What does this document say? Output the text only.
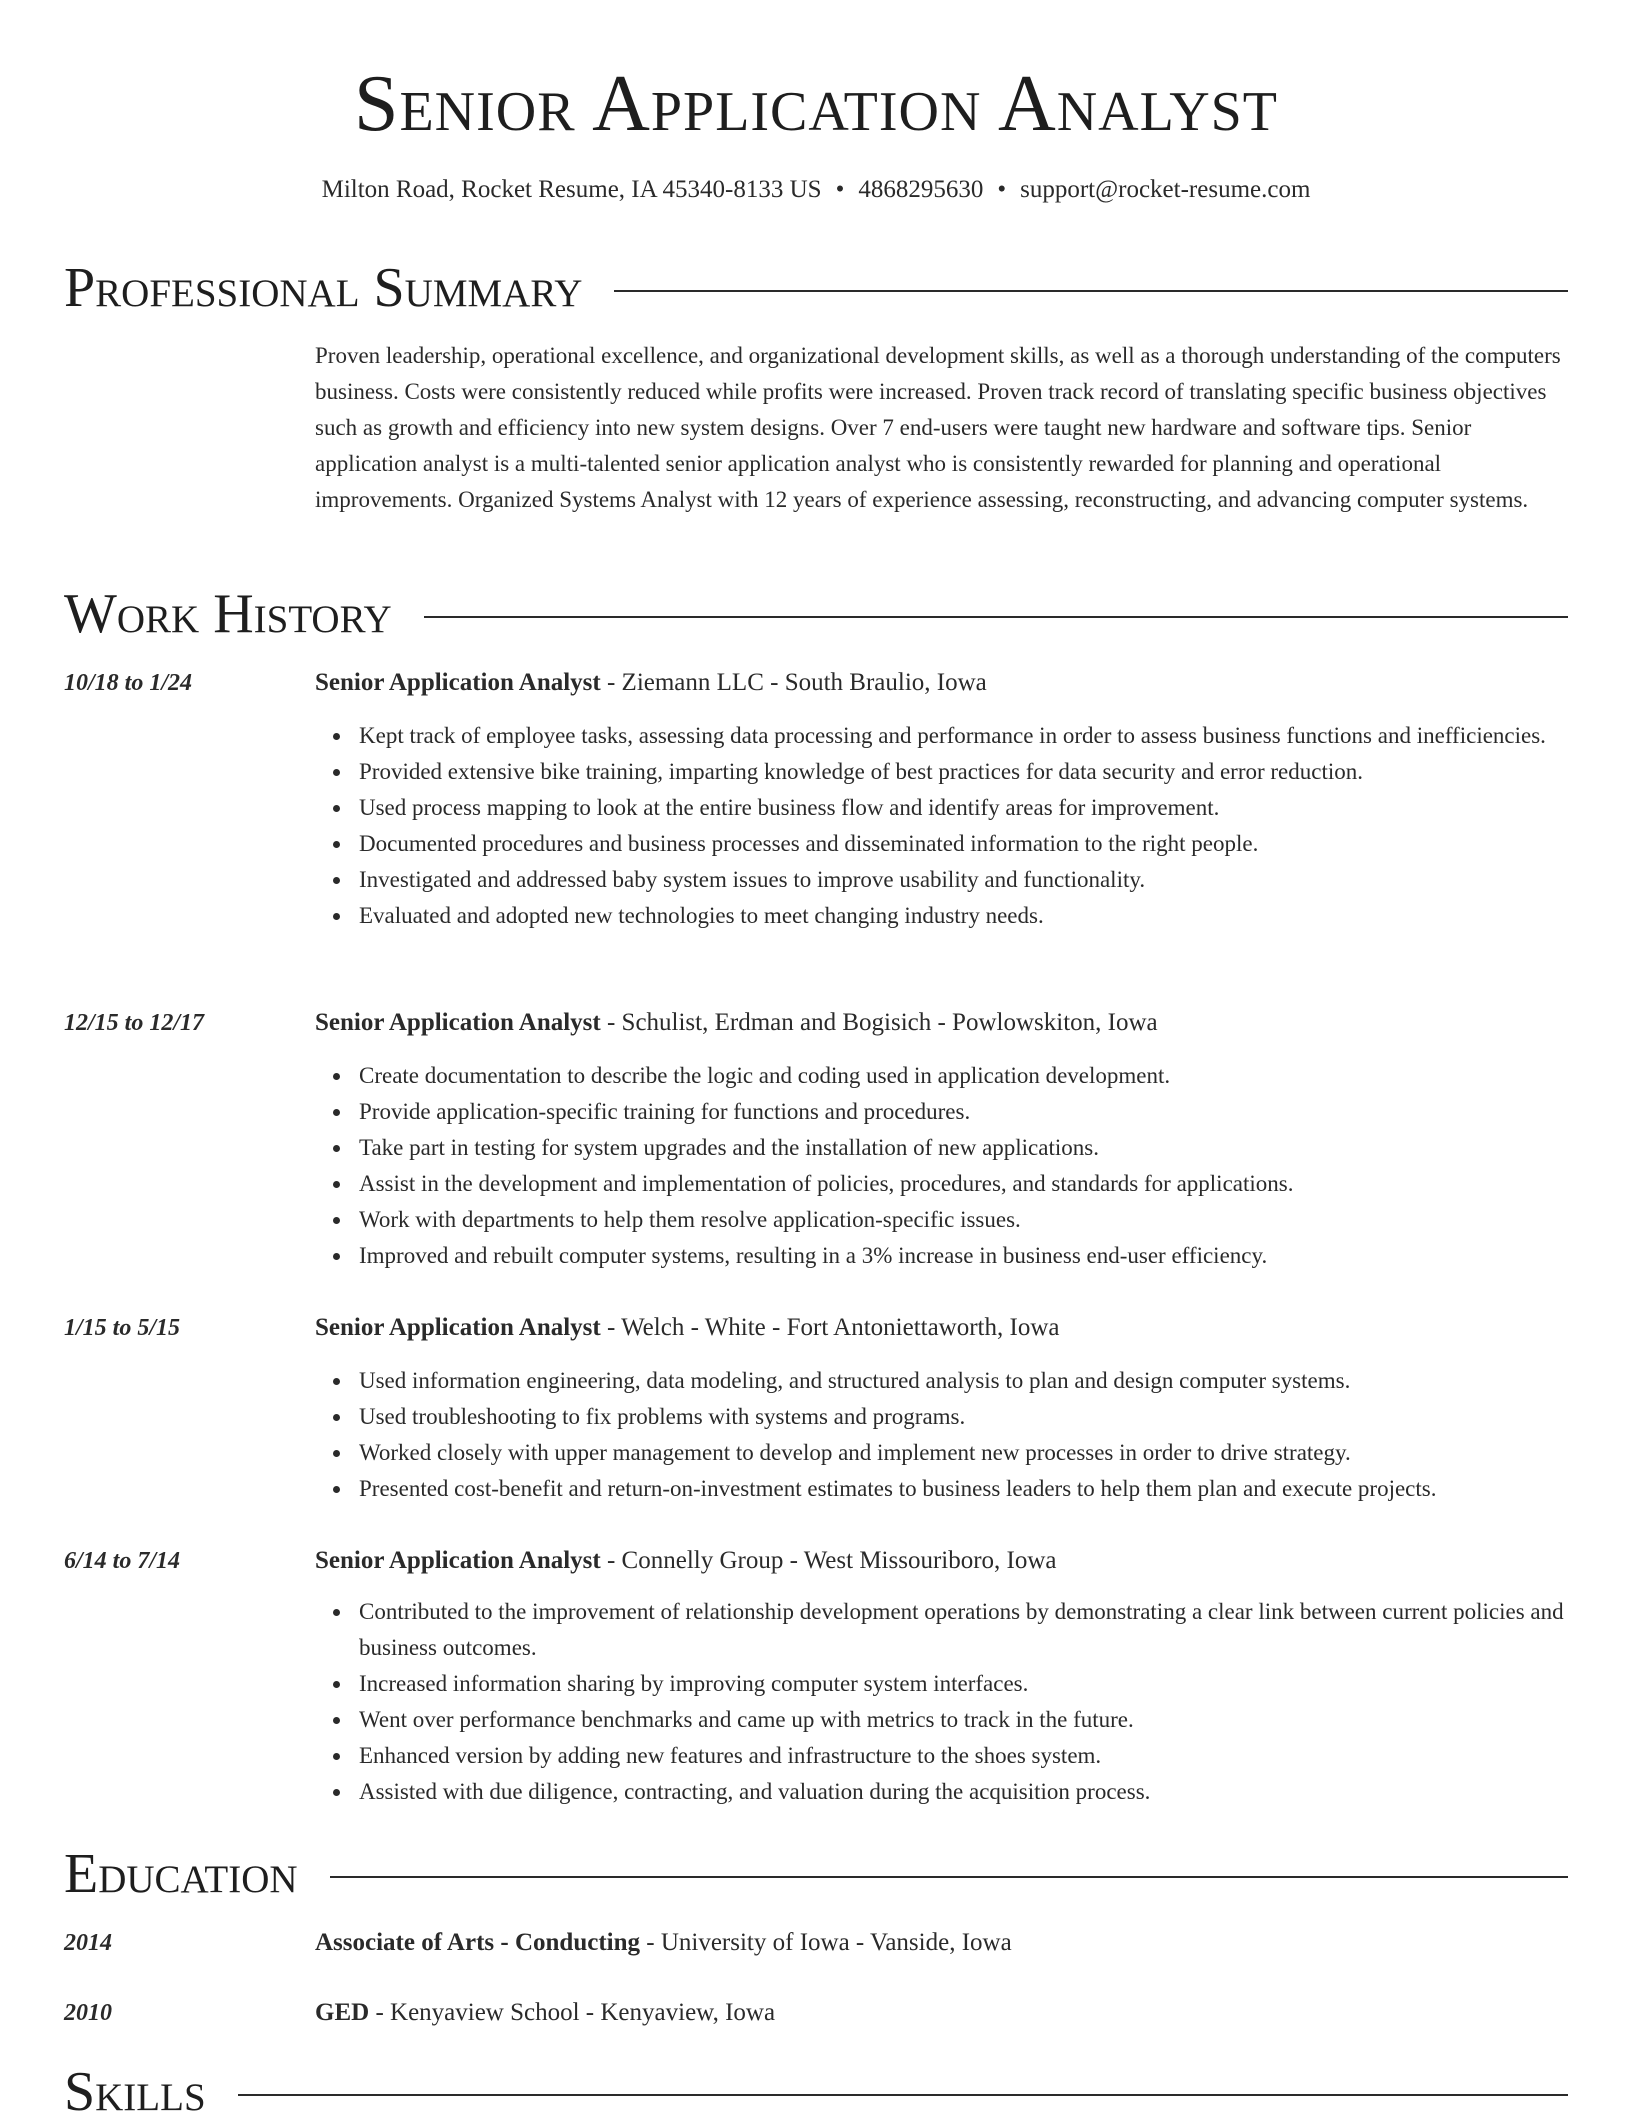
Senior Application Analyst
Milton Road, Rocket Resume, IA 45340-8133 US • 4868295630 • support@rocket-resume.com
Professional Summary
Proven leadership, operational excellence, and organizational development skills, as well as a thorough understanding of the computers business. Costs were consistently reduced while profits were increased. Proven track record of translating specific business objectives such as growth and efficiency into new system designs. Over 7 end-users were taught new hardware and software tips. Senior application analyst is a multi-talented senior application analyst who is consistently rewarded for planning and operational improvements. Organized Systems Analyst with 12 years of experience assessing, reconstructing, and advancing computer systems.
Work History
10/18 to 1/24	Senior Application Analyst - Ziemann LLC - South Braulio, Iowa
Kept track of employee tasks, assessing data processing and performance in order to assess business functions and inefficiencies.
Provided extensive bike training, imparting knowledge of best practices for data security and error reduction.
Used process mapping to look at the entire business flow and identify areas for improvement.
Documented procedures and business processes and disseminated information to the right people.
Investigated and addressed baby system issues to improve usability and functionality.
Evaluated and adopted new technologies to meet changing industry needs.
12/15 to 12/17	Senior Application Analyst - Schulist, Erdman and Bogisich - Powlowskiton, Iowa
Create documentation to describe the logic and coding used in application development.
Provide application-specific training for functions and procedures.
Take part in testing for system upgrades and the installation of new applications.
Assist in the development and implementation of policies, procedures, and standards for applications.
Work with departments to help them resolve application-specific issues.
Improved and rebuilt computer systems, resulting in a 3% increase in business end-user efficiency.
1/15 to 5/15	Senior Application Analyst - Welch - White - Fort Antoniettaworth, Iowa
Used information engineering, data modeling, and structured analysis to plan and design computer systems.
Used troubleshooting to fix problems with systems and programs.
Worked closely with upper management to develop and implement new processes in order to drive strategy.
Presented cost-benefit and return-on-investment estimates to business leaders to help them plan and execute projects.
6/14 to 7/14	Senior Application Analyst - Connelly Group - West Missouriboro, Iowa
Contributed to the improvement of relationship development operations by demonstrating a clear link between current policies and business outcomes.
Increased information sharing by improving computer system interfaces.
Went over performance benchmarks and came up with metrics to track in the future.
Enhanced version by adding new features and infrastructure to the shoes system.
Assisted with due diligence, contracting, and valuation during the acquisition process.
Education
2014	Associate of Arts - Conducting - University of Iowa - Vanside, Iowa
2010	GED - Kenyaview School - Kenyaview, Iowa
Skills
